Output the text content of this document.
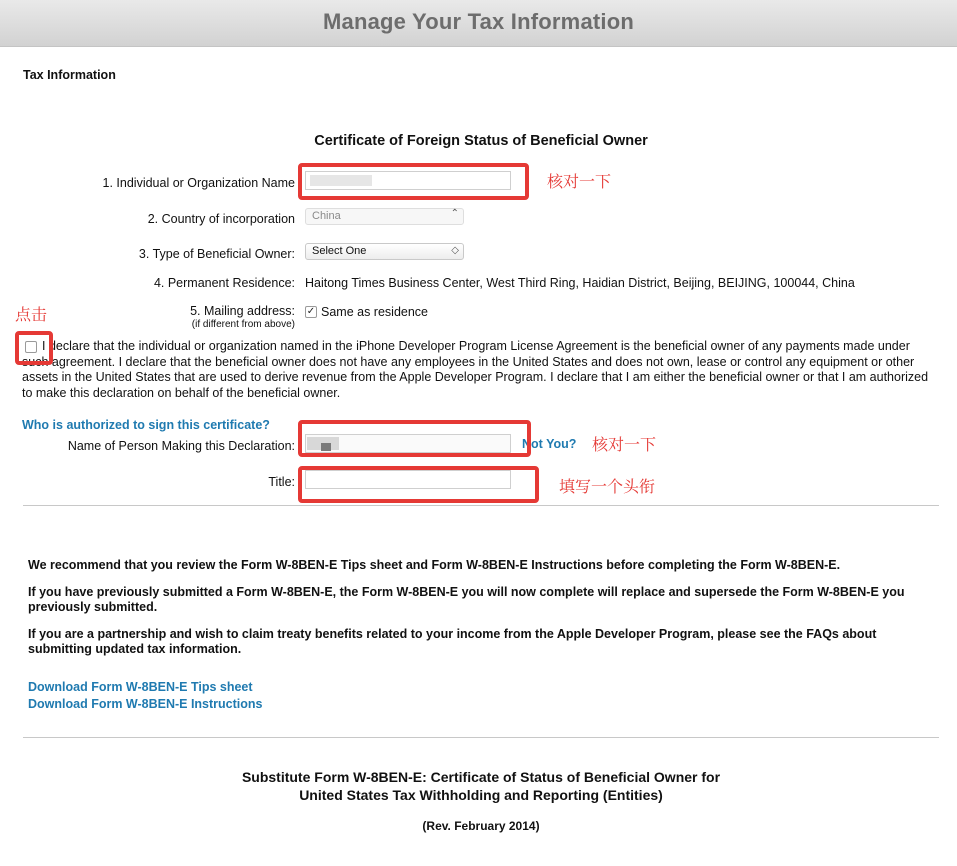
Manage Your Tax Information
Tax Information
Certificate of Foreign Status of Beneficial Owner
1. Individual or Organization Name
2. Country of incorporation	China	⌃

3. Type of Beneficial Owner:	Select One	◇
4. Permanent Residence: Haitong Times Business Center, West Third Ring, Haidian District, Beijing, BEIJING, 100044, China
5. Mailing address:
(if different from above)
✓ Same as residence
I declare that the individual or organization named in the iPhone Developer Program License Agreement is the beneficial owner of any payments made under such agreement. I declare that the beneficial owner does not have any employees in the United States and does not own, lease or control any equipment or other assets in the United States that are used to derive revenue from the Apple Developer Program. I declare that I am either the beneficial owner or that I am authorized to make this declaration on behalf of the beneficial owner.
Who is authorized to sign this certificate?
Name of Person Making this Declaration:	Not You?
Title:
We recommend that you review the Form W-8BEN-E Tips sheet and Form W-8BEN-E Instructions before completing the Form W-8BEN-E.
If you have previously submitted a Form W-8BEN-E, the Form W-8BEN-E you will now complete will replace and supersede the Form W-8BEN-E you previously submitted.
If you are a partnership and wish to claim treaty benefits related to your income from the Apple Developer Program, please see the FAQs about submitting updated tax information.
Download Form W-8BEN-E Tips sheet
Download Form W-8BEN-E Instructions
Substitute Form W-8BEN-E: Certificate of Status of Beneficial Owner for
United States Tax Withholding and Reporting (Entities)
(Rev. February 2014)
核对一下
点击
核对一下
填写一个头衔
